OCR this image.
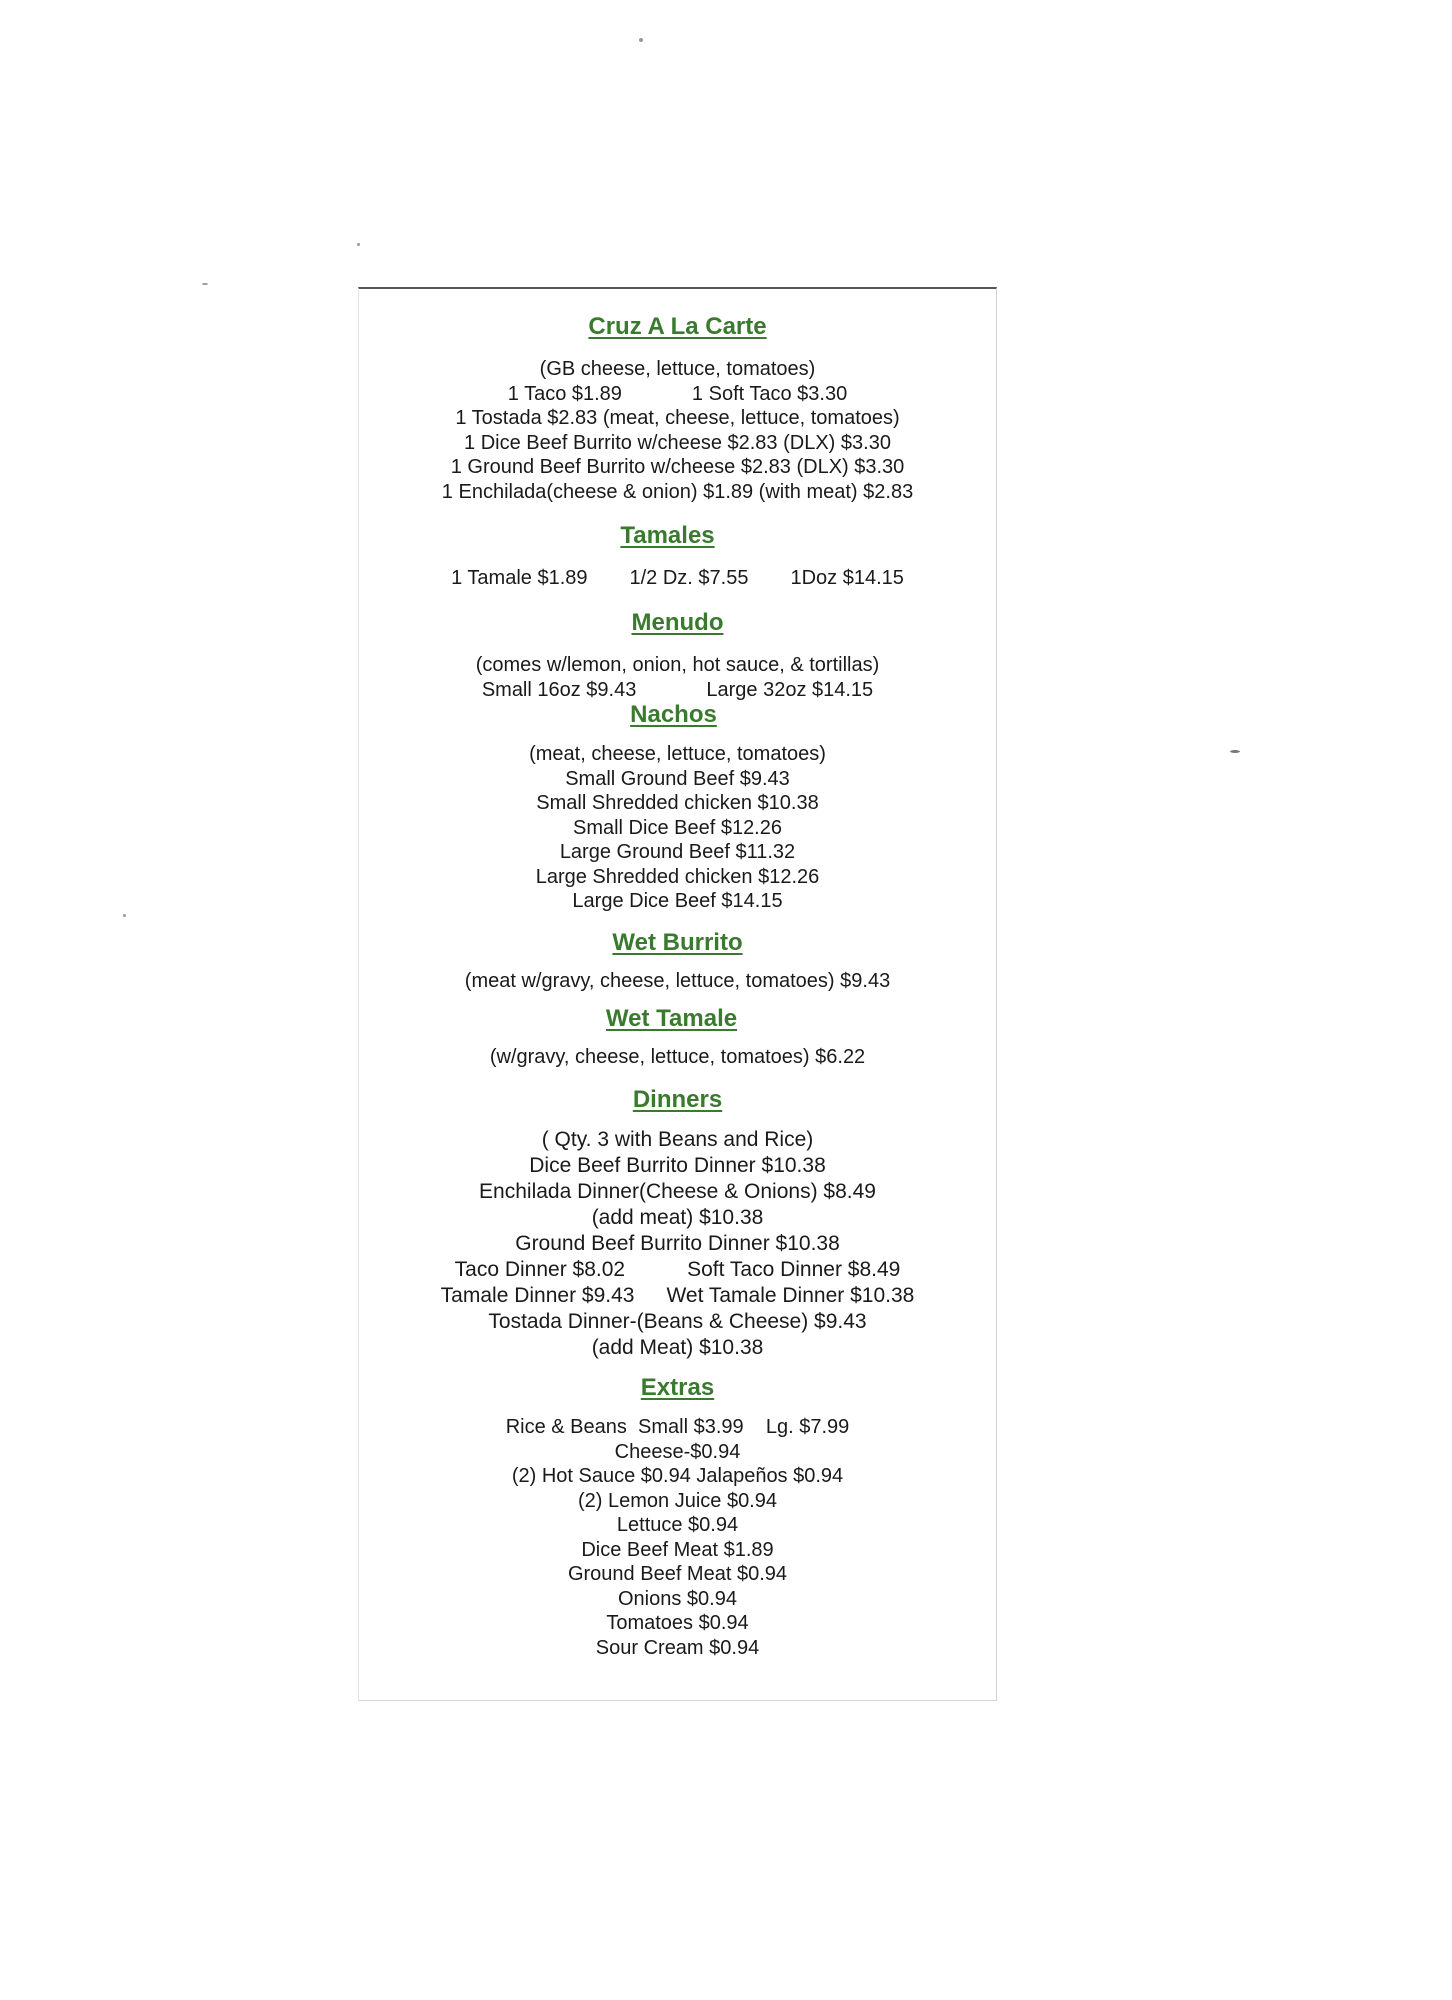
Cruz A La Carte
(GB cheese, lettuce, tomatoes)
1 Taco $1.89	1 Soft Taco $3.30
1 Tostada $2.83 (meat, cheese, lettuce, tomatoes)
1 Dice Beef Burrito w/cheese $2.83 (DLX) $3.30
1 Ground Beef Burrito w/cheese $2.83 (DLX) $3.30
1 Enchilada(cheese & onion) $1.89 (with meat) $2.83
Tamales
1 Tamale $1.89 1/2 Dz. $7.55 1Doz $14.15
Menudo
(comes w/lemon, onion, hot sauce, & tortillas)
Small 16oz $9.43	Large 32oz $14.15
Nachos
(meat, cheese, lettuce, tomatoes)
Small Ground Beef $9.43
Small Shredded chicken $10.38
Small Dice Beef $12.26
Large Ground Beef $11.32
Large Shredded chicken $12.26
Large Dice Beef $14.15
Wet Burrito
(meat w/gravy, cheese, lettuce, tomatoes) $9.43
Wet Tamale
(w/gravy, cheese, lettuce, tomatoes) $6.22
Dinners
( Qty. 3 with Beans and Rice)
Dice Beef Burrito Dinner $10.38
Enchilada Dinner(Cheese & Onions) $8.49
(add meat) $10.38
Ground Beef Burrito Dinner $10.38
Taco Dinner $8.02	Soft Taco Dinner $8.49
Tamale Dinner $9.43 Wet Tamale Dinner $10.38
Tostada Dinner-(Beans & Cheese) $9.43
(add Meat) $10.38
Extras
Rice & Beans  Small $3.99    Lg. $7.99
Cheese-$0.94
(2) Hot Sauce $0.94 Jalapeños $0.94
(2) Lemon Juice $0.94
Lettuce $0.94
Dice Beef Meat $1.89
Ground Beef Meat $0.94
Onions $0.94
Tomatoes $0.94
Sour Cream $0.94
